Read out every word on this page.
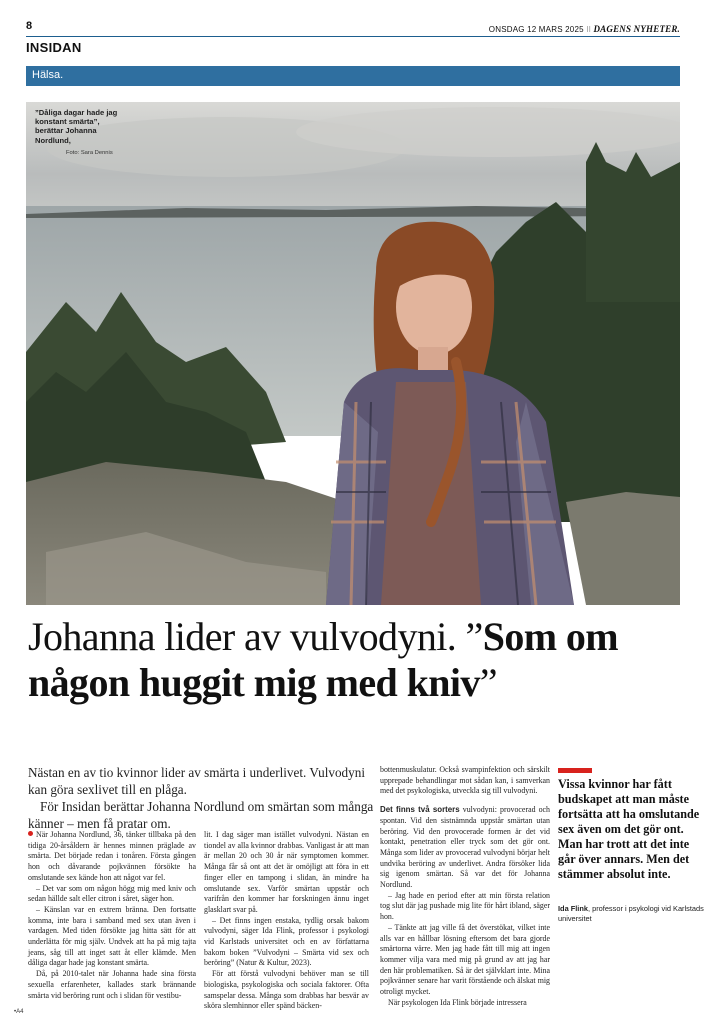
8	ONSDAG 12 MARS 2025 II DAGENS NYHETER.
INSIDAN
Hälsa.
”Dåliga dagar hade jag konstant smärta”, berättar Johanna Nordlund,
Foto: Sara Dennis
Johanna lider av vulvodyni. ”Som om någon huggit mig med kniv”

Nästan en av tio kvinnor lider av smärta i underlivet. Vulvodyni kan göra sexlivet till en plåga.

För Insidan berättar Johanna Nordlund om smärtan som många känner – men få pratar om.

När Johanna Nordlund, 36, tänker tillbaka på den tidiga 20-årsåldern är hennes minnen präglade av smärta. Det började redan i tonåren. Första gången hon och dåvarande pojkvännen försökte ha omslutande sex kände hon att något var fel.

– Det var som om någon högg mig med kniv och sedan hällde salt eller citron i såret, säger hon.

– Känslan var en extrem bränna. Den fortsatte komma, inte bara i samband med sex utan även i vardagen. Med tiden försökte jag hitta sätt för att underlätta för mig själv. Undvek att ha på mig tajta jeans, såg till att inget satt åt eller klämde. Men dåliga dagar hade jag konstant smärta.

Då, på 2010-talet när Johanna hade sina första sexuella erfarenheter, kallades stark brännande smärta vid beröring runt och i slidan för vestibu-

lit. I dag säger man istället vulvodyni. Nästan en tiondel av alla kvinnor drabbas. Vanligast är att man är mellan 20 och 30 år när symptomen kommer. Många får så ont att det är omöjligt att föra in ett finger eller en tampong i slidan, än mindre ha omslutande sex. Varför smärtan uppstår och varifrån den kommer har forskningen ännu inget glasklart svar på.

– Det finns ingen enstaka, tydlig orsak bakom vulvodyni, säger Ida Flink, professor i psykologi vid Karlstads universitet och en av författarna bakom boken ”Vulvodyni – Smärta vid sex och beröring” (Natur & Kultur, 2023).

För att förstå vulvodyni behöver man se till biologiska, psykologiska och sociala faktorer. Ofta samspelar dessa. Många som drabbas har besvär av sköra slemhinnor eller spänd bäcken-

bottenmuskulatur. Också svampinfektion och särskilt upprepade behandlingar mot sådan kan, i samverkan med det psykologiska, utveckla sig till vulvodyni.

Det finns två sorters vulvodyni: provocerad och spontan. Vid den sistnämnda uppstår smärtan utan beröring. Vid den provocerade formen är det vid kontakt, penetration eller tryck som det gör ont. Många som lider av provocerad vulvodyni börjar helt undvika beröring av underlivet. Andra försöker lida sig igenom smärtan. Så var det för Johanna Nordlund.

– Jag hade en period efter att min första relation tog slut där jag pushade mig lite för hårt ibland, säger hon.

– Tänkte att jag ville få det överstökat, vilket inte alls var en hållbar lösning eftersom det bara gjorde smärtorna värre. Men jag hade fått till mig att ingen kommer vilja vara med mig på grund av att jag har den här problematiken. Så är det självklart inte. Mina pojkvänner senare har varit förstående och älskat mig otroligt mycket.

När psykologen Ida Flink började intressera

Vissa kvinnor har fått budskapet att man måste fortsätta att ha omslutande sex även om det gör ont. Man har trott att det inte går över annars. Men det stämmer absolut inte.
Ida Flink, professor i psykologi vid Karlstads universitet
•A4
